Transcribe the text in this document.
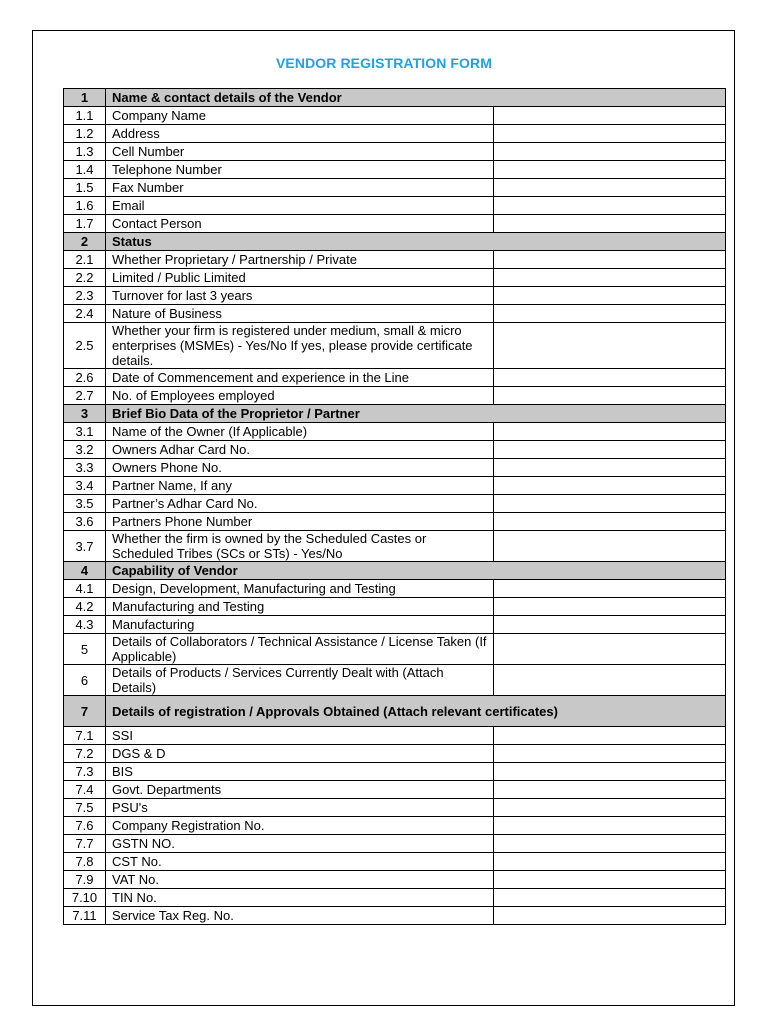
VENDOR REGISTRATION FORM
1	Name & contact details of the Vendor	
1.1	Company Name	
1.2	Address	
1.3	Cell Number	
1.4	Telephone Number	
1.5	Fax Number	
1.6	Email	
1.7	Contact Person	
2	Status	
2.1	Whether Proprietary / Partnership / Private	
2.2	Limited / Public Limited	
2.3	Turnover for last 3 years	
2.4	Nature of Business	
2.5	Whether your firm is registered under medium, small & micro enterprises (MSMEs) - Yes/No If yes, please provide certificate details.	
2.6	Date of Commencement and experience in the Line	
2.7	No. of Employees employed	
3	Brief Bio Data of the Proprietor / Partner	
3.1	Name of the Owner (If Applicable)	
3.2	Owners Adhar Card No.	
3.3	Owners Phone No.	
3.4	Partner Name, If any	
3.5	Partner’s Adhar Card No.	
3.6	Partners Phone Number	
3.7	Whether the firm is owned by the Scheduled Castes or Scheduled Tribes (SCs or STs) - Yes/No	
4	Capability of Vendor	
4.1	Design, Development, Manufacturing and Testing	
4.2	Manufacturing and Testing	
4.3	Manufacturing	
5	Details of Collaborators / Technical Assistance / License Taken (If Applicable)	
6	Details of Products / Services Currently Dealt with (Attach Details)	
7	Details of registration / Approvals Obtained (Attach relevant certificates)	
7.1	SSI	
7.2	DGS & D	
7.3	BIS	
7.4	Govt. Departments	
7.5	PSU's	
7.6	Company Registration No.	
7.7	GSTN NO.	
7.8	CST No.	
7.9	VAT No.	
7.10	TIN No.	
7.11	Service Tax Reg. No.	
